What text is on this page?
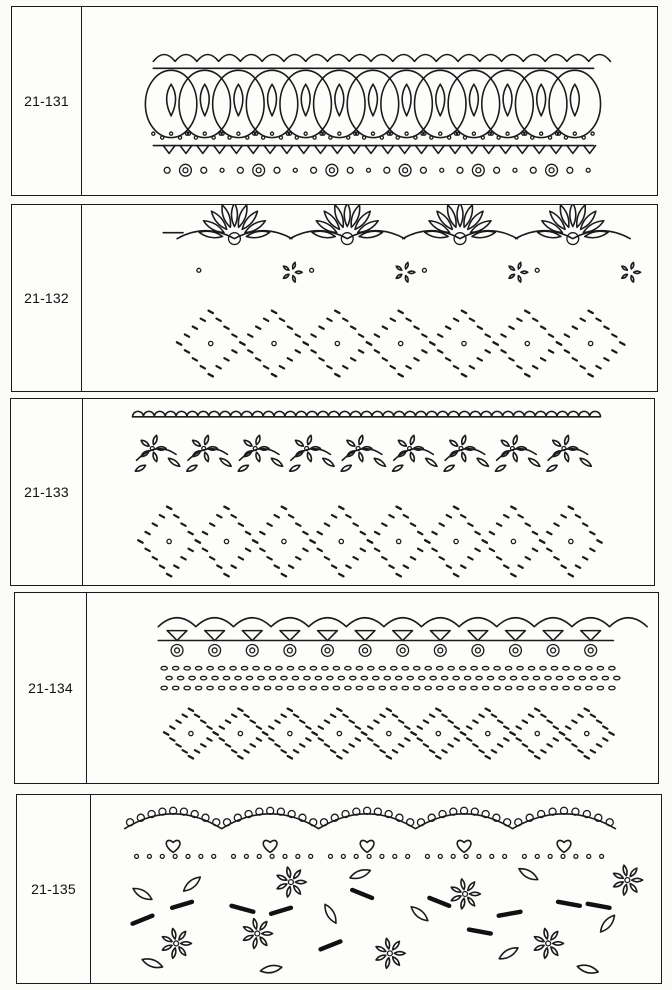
21-131
21-132
21-133
21-134
21-135
